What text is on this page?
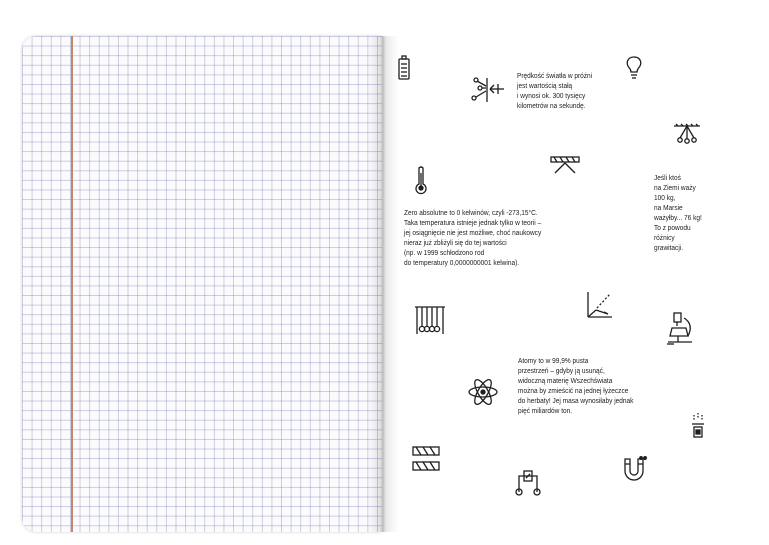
Prędkość światła w próżni
jest wartością stałą
i wynosi ok. 300 tysięcy
kilometrów na sekundę.
Zero absolutne to 0 kelwinów, czyli -273,15°C.
Taka temperatura istnieje jednak tylko w teorii –
jej osiągnięcie nie jest możliwe, choć naukowcy
nieraz już zbliżyli się do tej wartości
(np. w 1999 schłodzono rod
do temperatury 0,0000000001 kelwina).
Jeśli ktoś
na Ziemi waży
100 kg,
na Marsie
ważyłby... 76 kg!
To z powodu
różnicy
grawitacji.
Atomy to w 99,9% pusta
przestrzeń – gdyby ją usunąć,
widoczną materię Wszechświata
można by zmieścić na jednej łyżeczce
do herbaty! Jej masa wynosiłaby jednak
pięć miliardów ton.
